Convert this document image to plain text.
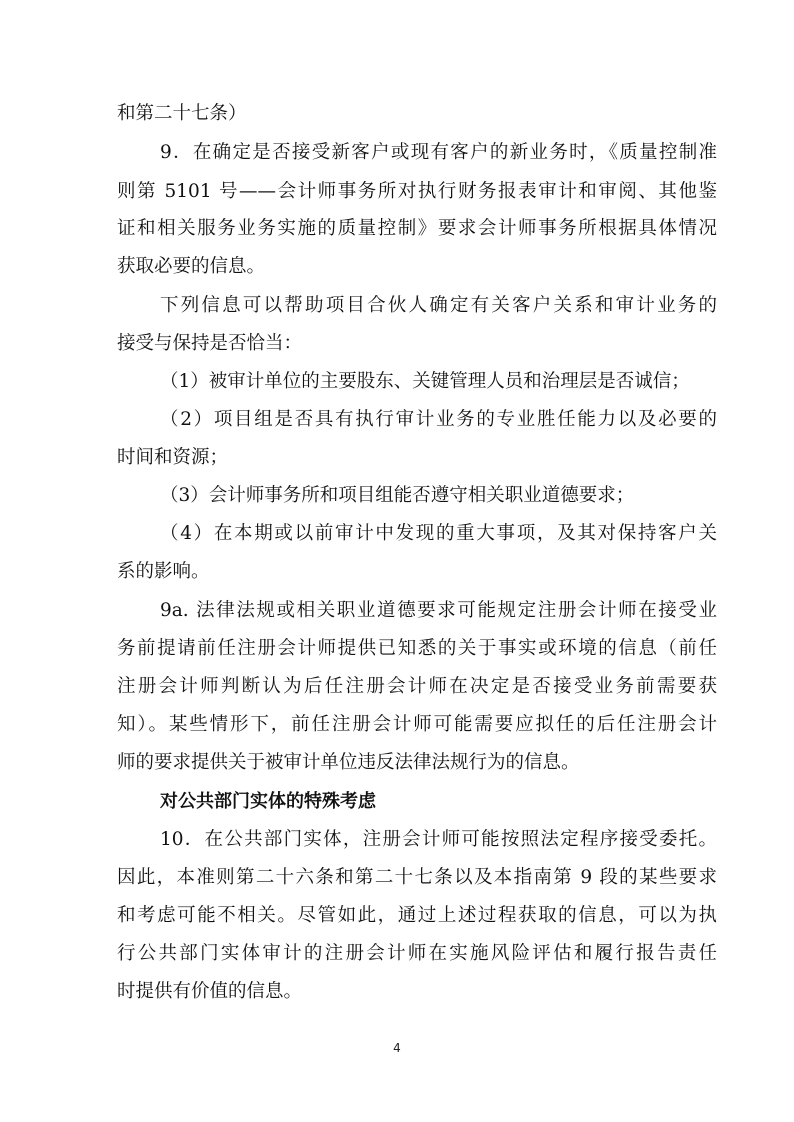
和第二十七条）
9．在确定是否接受新客户或现有客户的新业务时，《质量控制准
则第 5101 号——会计师事务所对执行财务报表审计和审阅、其他鉴
证和相关服务业务实施的质量控制》要求会计师事务所根据具体情况
获取必要的信息。
下列信息可以帮助项目合伙人确定有关客户关系和审计业务的
接受与保持是否恰当：
（1）被审计单位的主要股东、关键管理人员和治理层是否诚信；
（2）项目组是否具有执行审计业务的专业胜任能力以及必要的
时间和资源；
（3）会计师事务所和项目组能否遵守相关职业道德要求；
（4）在本期或以前审计中发现的重大事项，及其对保持客户关
系的影响。
9a. 法律法规或相关职业道德要求可能规定注册会计师在接受业
务前提请前任注册会计师提供已知悉的关于事实或环境的信息（前任
注册会计师判断认为后任注册会计师在决定是否接受业务前需要获
知）。某些情形下，前任注册会计师可能需要应拟任的后任注册会计
师的要求提供关于被审计单位违反法律法规行为的信息。
对公共部门实体的特殊考虑
10．在公共部门实体，注册会计师可能按照法定程序接受委托。
因此，本准则第二十六条和第二十七条以及本指南第 9 段的某些要求
和考虑可能不相关。尽管如此，通过上述过程获取的信息，可以为执
行公共部门实体审计的注册会计师在实施风险评估和履行报告责任
时提供有价值的信息。
4
